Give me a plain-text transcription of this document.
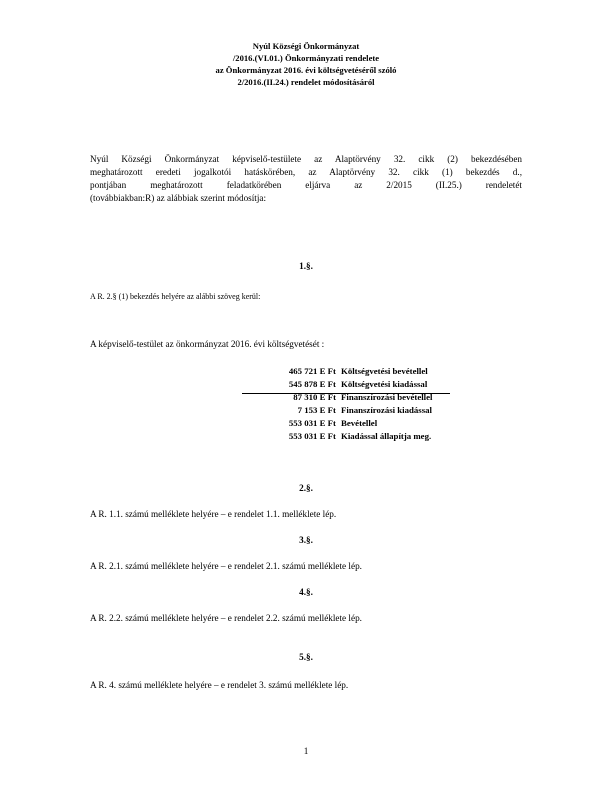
Nyúl Községi Önkormányzat
/2016.(VI.01.) Önkormányzati rendelete
az Önkormányzat 2016. évi költségvetéséről szóló
2/2016.(II.24.) rendelet módosításáról
Nyúl Községi Önkormányzat képviselő-testülete az Alaptörvény 32. cikk (2) bekezdésében
meghatározott eredeti jogalkotói hatáskörében, az Alaptörvény 32. cikk (1) bekezdés d.,
pontjában meghatározott feladatkörében eljárva az 2/2015 (II.25.) rendeletét
(továbbiakban:R) az alábbiak szerint módosítja:
1.§.
A R. 2.§ (1) bekezdés helyére az alábbi szöveg kerül:
A képviselő-testület az önkormányzat 2016. évi költségvetését :
465 721 E Ft	Költségvetési bevétellel
545 878 E Ft	Költségvetési kiadással
87 310 E Ft	Finanszírozási bevétellel
7 153 E Ft	Finanszírozási kiadással
553 031 E Ft	Bevétellel
553 031 E Ft	Kiadással állapítja meg.
2.§.
A R. 1.1. számú melléklete helyére – e rendelet 1.1. melléklete lép.
3.§.
A R. 2.1. számú melléklete helyére – e rendelet 2.1. számú melléklete lép.
4.§.
A R. 2.2. számú melléklete helyére – e rendelet 2.2. számú melléklete lép.
5.§.
A R. 4. számú melléklete helyére – e rendelet 3. számú melléklete lép.
1
